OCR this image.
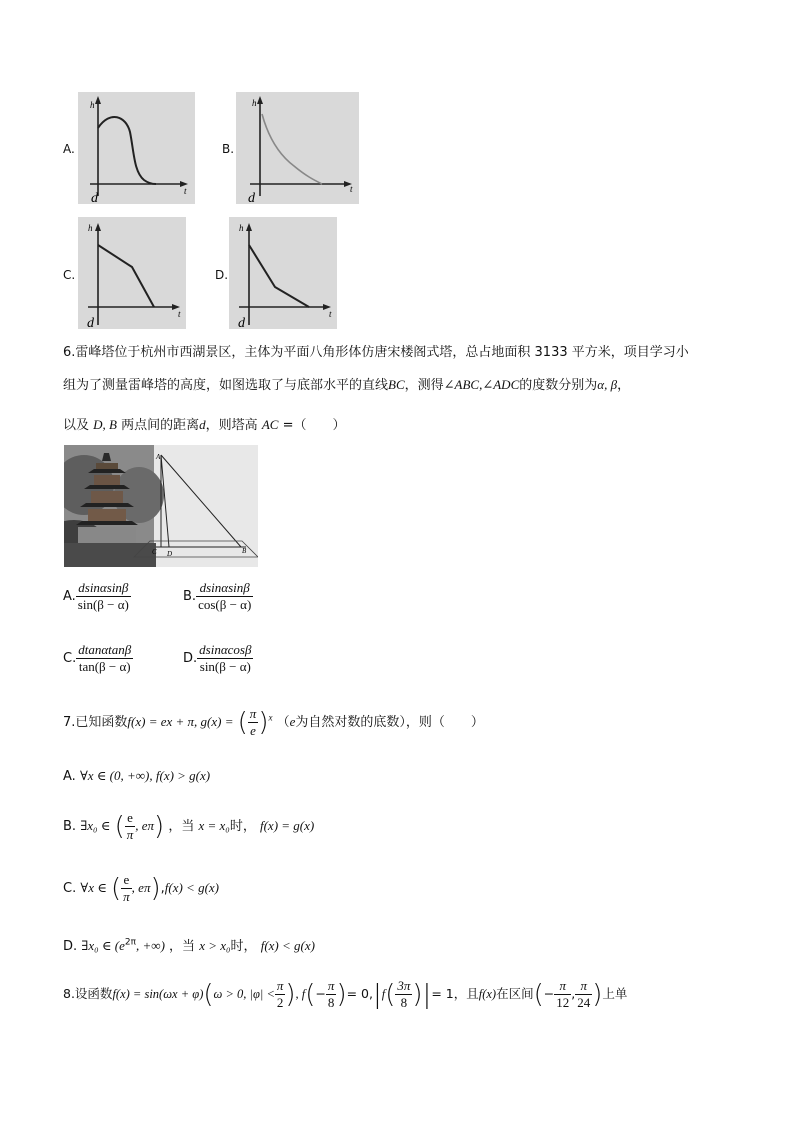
A.
h
t
d
B.
h
t
d
C.
h
t
d
D.
h
t
d
6.雷峰塔位于杭州市西湖景区，主体为平面八角形体仿唐宋楼阁式塔，总占地面积 3133 平方米，项目学习小
组为了测量雷峰塔的高度，如图选取了与底部水平的直线BC，测得∠ABC,∠ADC的度数分别为α, β，
以及 D, B 两点间的距离d，则塔高 AC =（　　）
A
C D	B
A. $\frac{dsin\alpha\sin\beta}{\sin(\beta - \alpha)}$	B. $\frac{dsin\alpha\sin\beta}{\cos(\beta - \alpha)}$
C. $\frac{dtan\alpha\tan\beta}{\tan(\beta - \alpha)}$	D. $\frac{dsin\alpha\cos\beta}{\sin(\beta - \alpha)}$
7.已知函数f(x) = ex + π, g(x) = ( $\frac{\pi}{e} )^x$ （e为自然对数的底数），则（　　）
A. ∀x ∈ (0, +∞), f(x) > g(x)
B. ∃x₀ ∈ ( $\frac{e}{\pi}$ , eπ) ，当 x = x₀时， f(x) = g(x)
C. ∀x ∈ ( $\frac{e}{\pi}$ , eπ),f(x) < g(x)
D. ∃x₀ ∈ ($e^{2\pi}$, +∞) ，当 x > x₀时， f(x) < g(x)
8.设函数f(x) = sin(ωx + φ)(ω > 0, $|\varphi| < \frac{\pi}{2}$ ), $f(- \frac{\pi}{8}$ )= $0,|f( \frac{3\pi}{8}$ )|= 1，且f(x)在区间(− $\frac{\pi}{12}$ , $\frac{\pi}{24}$ )上单
